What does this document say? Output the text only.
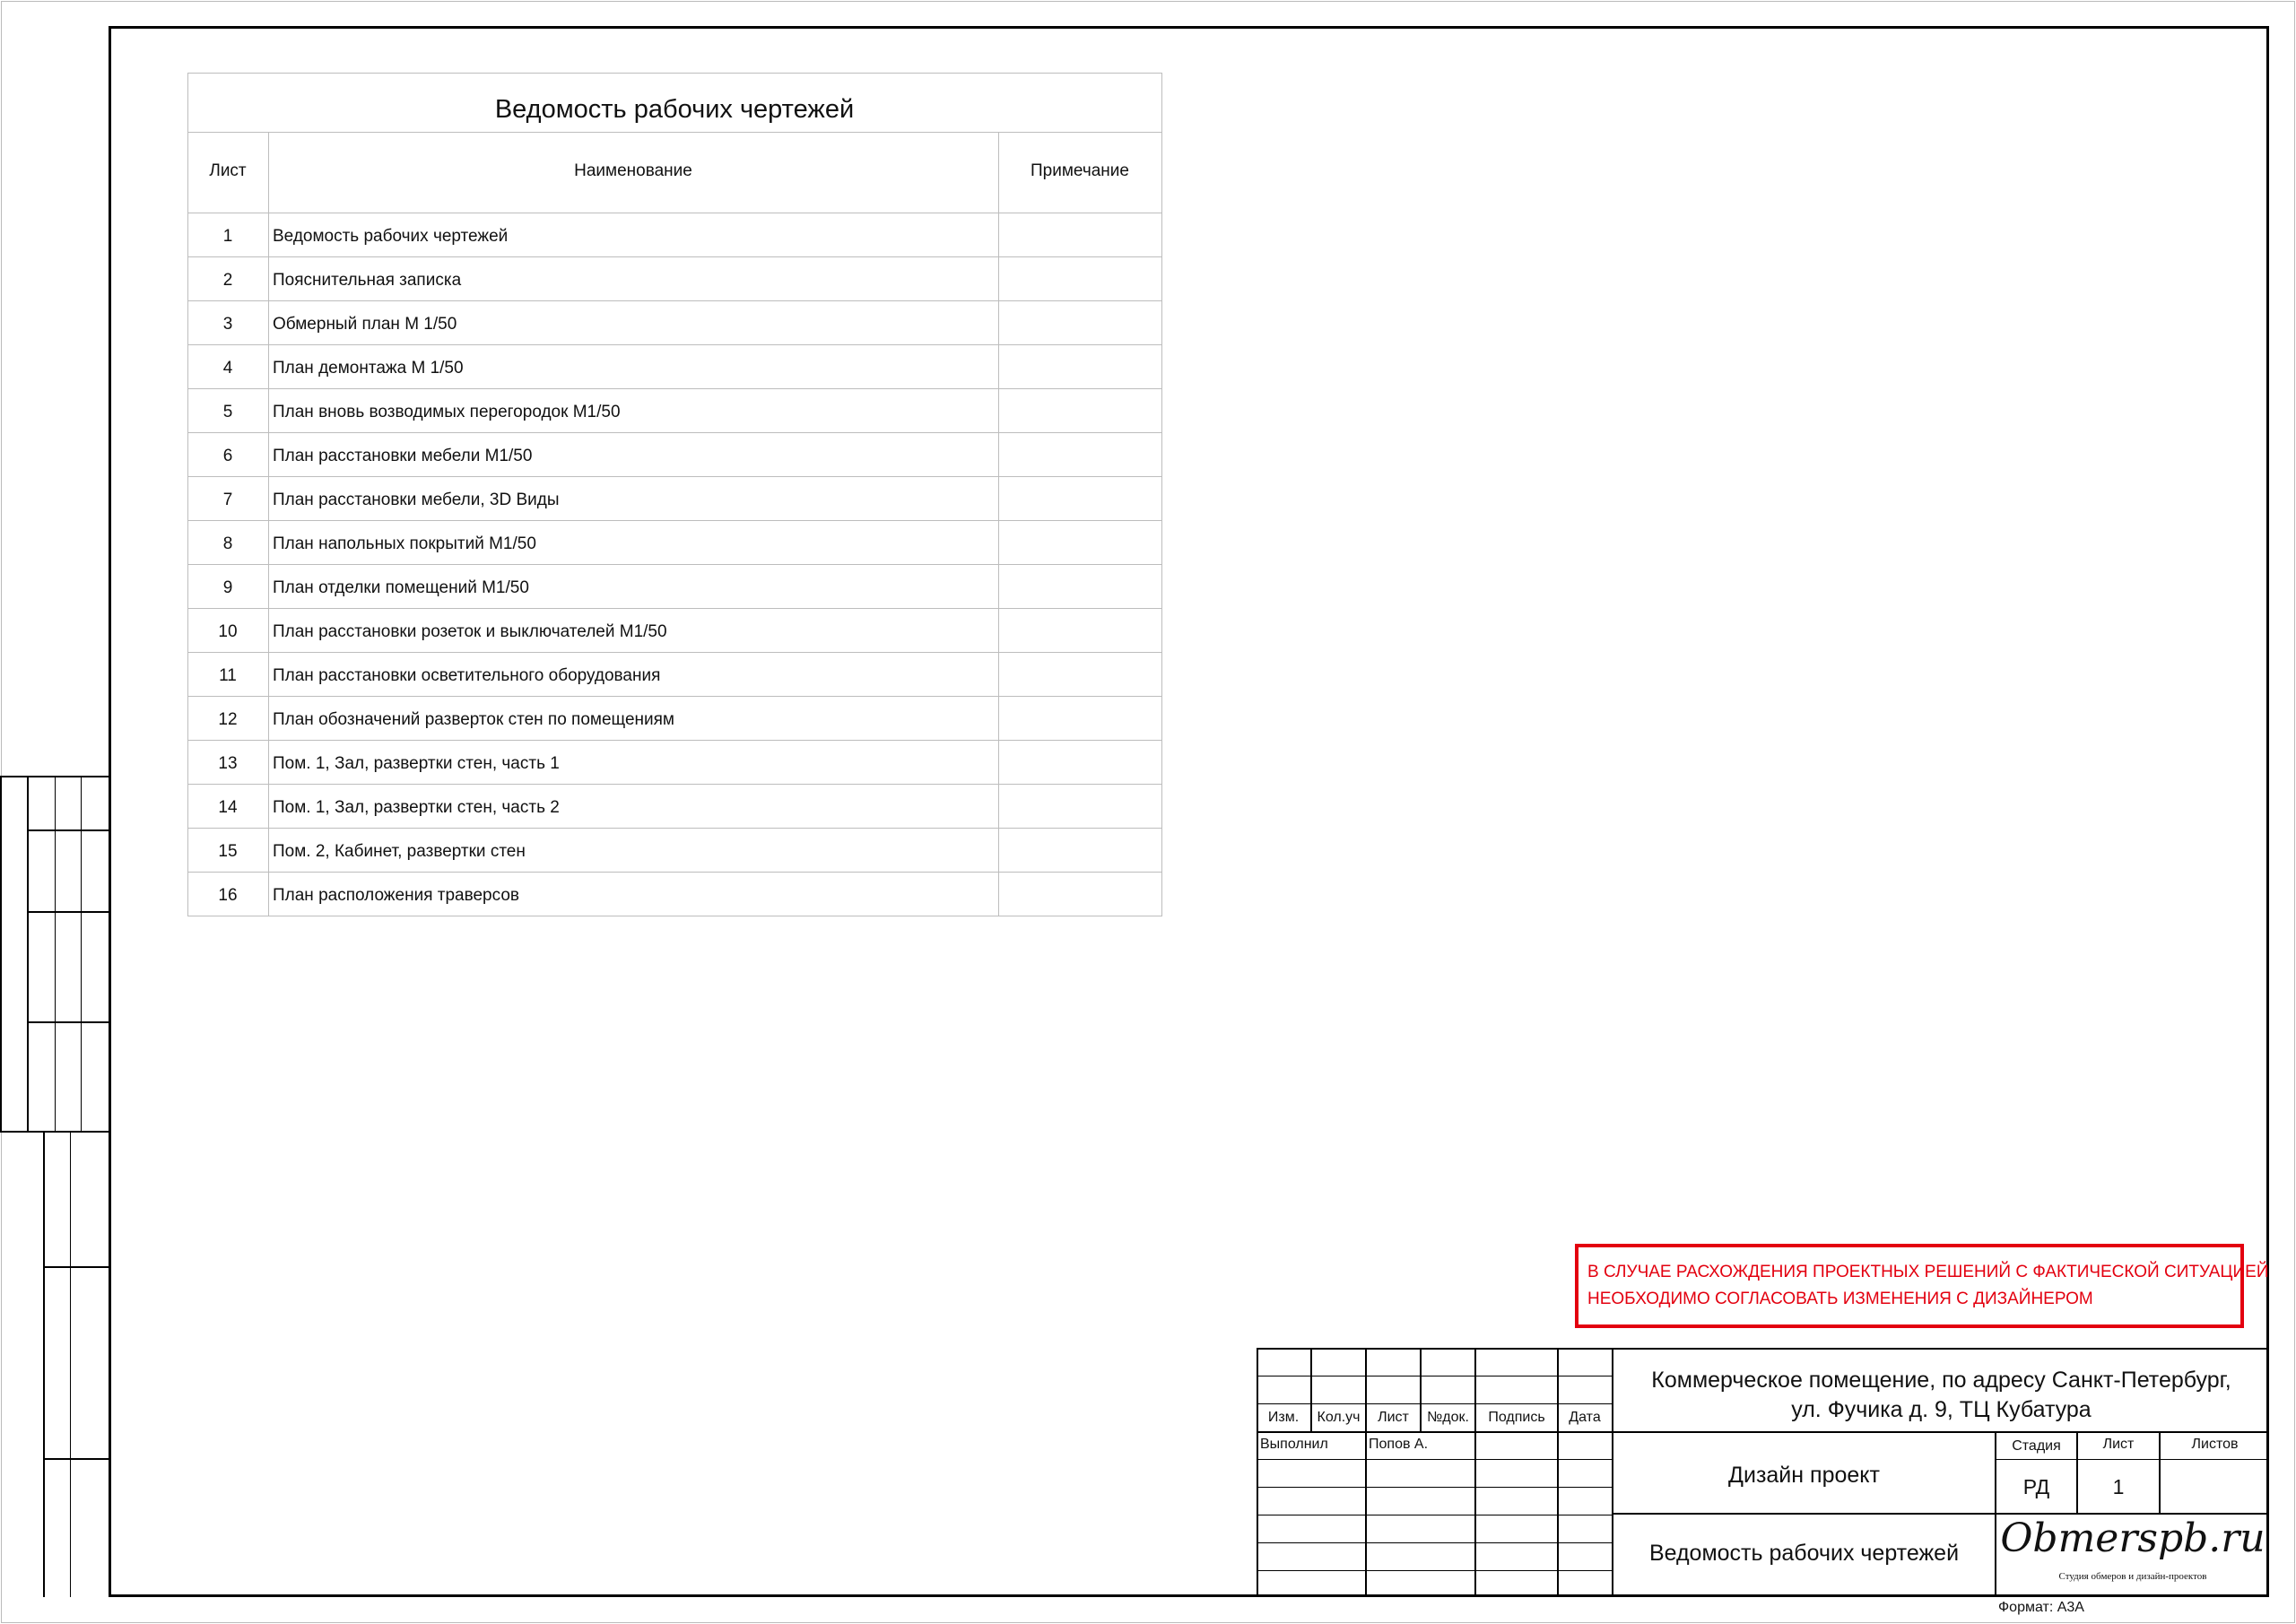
Ведомость рабочих чертежей
Лист	Наименование	Примечание
1	Ведомость рабочих чертежей
2	Пояснительная записка
3	Обмерный план М 1/50
4	План демонтажа М 1/50
5	План вновь возводимых перегородок М1/50
6	План расстановки мебели М1/50
7	План расстановки мебели, 3D Виды
8	План напольных покрытий М1/50
9	План отделки помещений М1/50
10	План расстановки розеток и выключателей М1/50
11	План расстановки осветительного оборудования
12	План обозначений разверток стен по помещениям
13	Пом. 1, Зал, развертки стен, часть 1
14	Пом. 1, Зал, развертки стен, часть 2
15	Пом. 2, Кабинет, развертки стен
16	План расположения траверсов
В СЛУЧАЕ РАСХОЖДЕНИЯ ПРОЕКТНЫХ РЕШЕНИЙ С ФАКТИЧЕСКОЙ СИТУАЦИЕЙ
НЕОБХОДИМО СОГЛАСОВАТЬ ИЗМЕНЕНИЯ С ДИЗАЙНЕРОМ
Изм.	Кол.уч	Лист	№док.	Подпись	Дата
Выполнил	Попов А.
Коммерческое помещение, по адресу Санкт-Петербург,
ул. Фучика д. 9, ТЦ Кубатура
Дизайн проект
Стадия	Лист	Листов
РД	1
Ведомость рабочих чертежей	Obmerspb.ru
Студия обмеров и дизайн-проектов
Формат: А3А
